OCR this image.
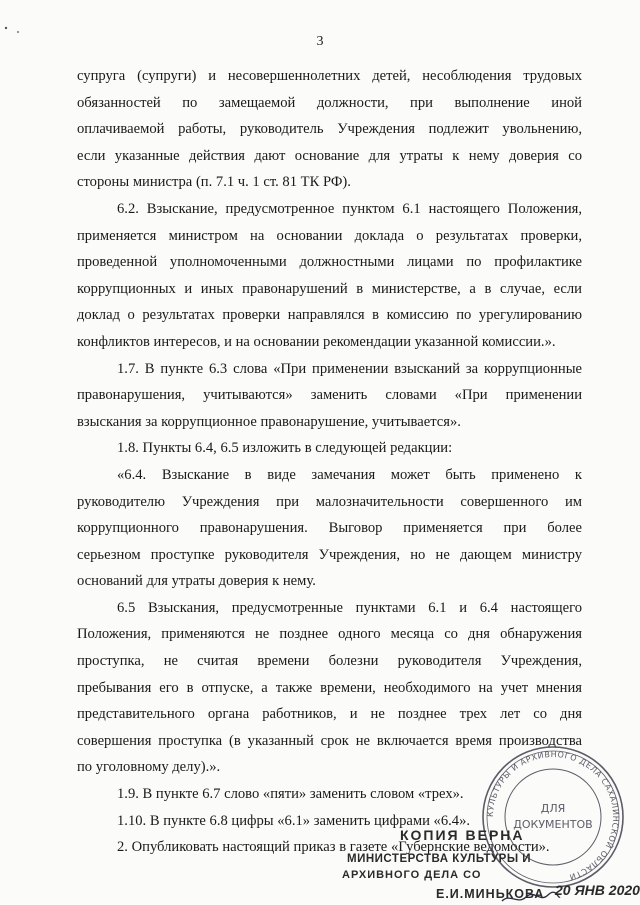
3
супруга (супруги) и несовершеннолетних детей, несоблюдения трудовых
обязанностей по замещаемой должности, при выполнение иной
оплачиваемой работы, руководитель Учреждения подлежит увольнению,
если указанные действия дают основание для утраты к нему доверия со
стороны министра (п. 7.1 ч. 1 ст. 81 ТК РФ).
6.2. Взыскание, предусмотренное пунктом 6.1 настоящего Положения,
применяется министром на основании доклада о результатах проверки,
проведенной уполномоченными должностными лицами по профилактике
коррупционных и иных правонарушений в министерстве, а в случае, если
доклад о результатах проверки направлялся в комиссию по урегулированию
конфликтов интересов, и на основании рекомендации указанной комиссии.».
1.7. В пункте 6.3 слова «При применении взысканий за коррупционные
правонарушения, учитываются» заменить словами «При применении
взыскания за коррупционное правонарушение, учитывается».
1.8. Пункты 6.4, 6.5 изложить в следующей редакции:
«6.4. Взыскание в виде замечания может быть применено к
руководителю Учреждения при малозначительности совершенного им
коррупционного правонарушения. Выговор применяется при более
серьезном проступке руководителя Учреждения, но не дающем министру
оснований для утраты доверия к нему.
6.5 Взыскания, предусмотренные пунктами 6.1 и 6.4 настоящего
Положения, применяются не позднее одного месяца со дня обнаружения
проступка, не считая времени болезни руководителя Учреждения,
пребывания его в отпуске, а также времени, необходимого на учет мнения
представительного органа работников, и не позднее трех лет со дня
совершения проступка (в указанный срок не включается время производства
по уголовному делу).».
1.9. В пункте 6.7 слово «пяти» заменить словом «трех».
1.10. В пункте 6.8 цифры «6.1» заменить цифрами «6.4».
2. Опубликовать настоящий приказ в газете «Губернские ведомости».
КУЛЬТУРЫ И АРХИВНОГО ДЕЛА САХАЛИНСКОЙ ОБЛАСТИ
ДЛЯ
ДОКУМЕНТОВ
КОПИЯ ВЕРНА
МИНИСТЕРСТВА КУЛЬТУРЫ И
АРХИВНОГО ДЕЛА СО
Е.И.МИНЬКОВА 20 ЯНВ 2020
